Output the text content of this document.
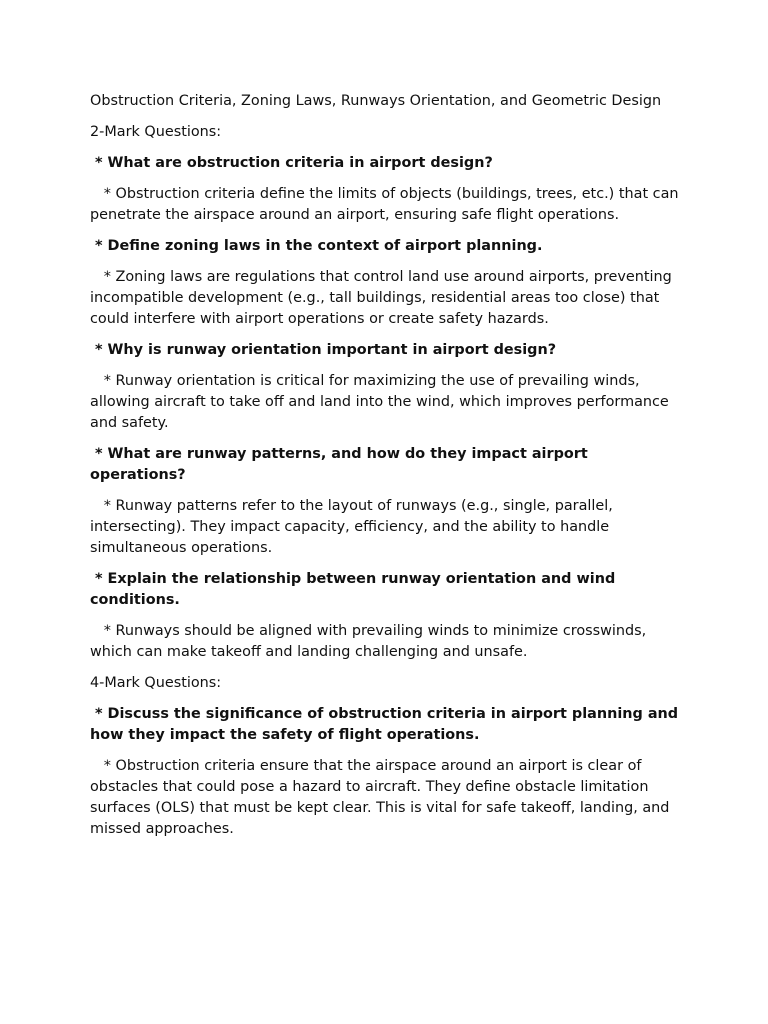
Obstruction Criteria, Zoning Laws, Runways Orientation, and Geometric Design

2-Mark Questions:

* What are obstruction criteria in airport design?

* Obstruction criteria define the limits of objects (buildings, trees, etc.) that can penetrate the airspace around an airport, ensuring safe flight operations.

* Define zoning laws in the context of airport planning.

* Zoning laws are regulations that control land use around airports, preventing incompatible development (e.g., tall buildings, residential areas too close) that could interfere with airport operations or create safety hazards.

* Why is runway orientation important in airport design?

* Runway orientation is critical for maximizing the use of prevailing winds, allowing aircraft to take off and land into the wind, which improves performance and safety.

* What are runway patterns, and how do they impact airport operations?

* Runway patterns refer to the layout of runways (e.g., single, parallel, intersecting). They impact capacity, efficiency, and the ability to handle simultaneous operations.

* Explain the relationship between runway orientation and wind conditions.

* Runways should be aligned with prevailing winds to minimize crosswinds, which can make takeoff and landing challenging and unsafe.

4-Mark Questions:

* Discuss the significance of obstruction criteria in airport planning and how they impact the safety of flight operations.

* Obstruction criteria ensure that the airspace around an airport is clear of obstacles that could pose a hazard to aircraft. They define obstacle limitation surfaces (OLS) that must be kept clear. This is vital for safe takeoff, landing, and missed approaches.
